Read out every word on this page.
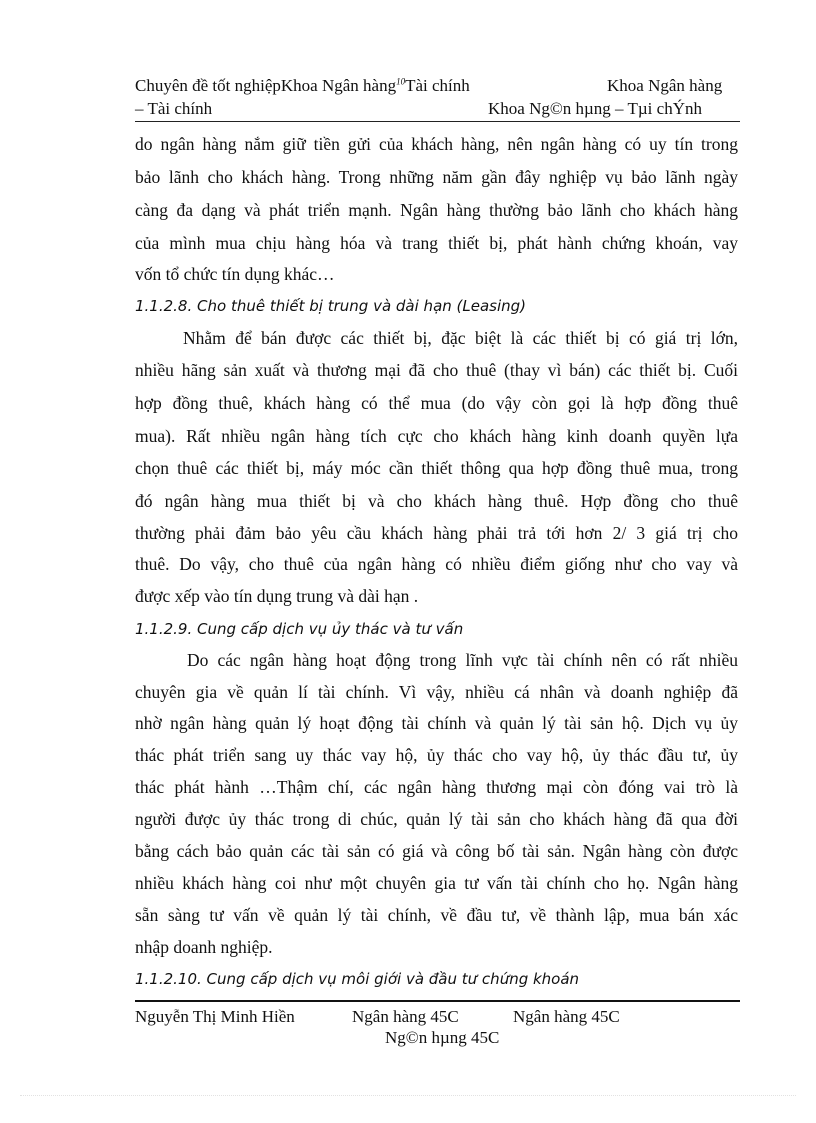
Chuyên đề tốt nghiệpKhoa Ngân hàng$^{10}$Tài chính	Khoa Ngân hàng
– Tài chính	Khoa Ng©n hµng – Tµi chÝnh
do ngân hàng nắm giữ tiền gửi của khách hàng, nên ngân hàng có uy tín trong
bảo lãnh cho khách hàng. Trong những năm gần đây nghiệp vụ bảo lãnh ngày
càng đa dạng và phát triển mạnh. Ngân hàng thường bảo lãnh cho khách hàng
của mình mua chịu hàng hóa và trang thiết bị, phát hành chứng khoán, vay
vốn tổ chức tín dụng khác…
1.1.2.8. Cho thuê thiết bị trung và dài hạn (Leasing)
Nhằm để bán được các thiết bị, đặc biệt là các thiết bị có giá trị lớn,
nhiều hãng sản xuất và thương mại đã cho thuê (thay vì bán) các thiết bị. Cuối
hợp đồng thuê, khách hàng có thể mua (do vậy còn gọi là hợp đồng thuê
mua). Rất nhiều ngân hàng tích cực cho khách hàng kinh doanh quyền lựa
chọn thuê các thiết bị, máy móc cần thiết thông qua hợp đồng thuê mua, trong
đó ngân hàng mua thiết bị và cho khách hàng thuê. Hợp đồng cho thuê
thường phải đảm bảo yêu cầu khách hàng phải trả tới hơn 2/ 3 giá trị cho
thuê. Do vậy, cho thuê của ngân hàng có nhiều điểm giống như cho vay và
được xếp vào tín dụng trung và dài hạn .
1.1.2.9. Cung cấp dịch vụ ủy thác và tư vấn
Do các ngân hàng hoạt động trong lĩnh vực tài chính nên có rất nhiều
chuyên gia về quản lí tài chính. Vì vậy, nhiều cá nhân và doanh nghiệp đã
nhờ ngân hàng quản lý hoạt động tài chính và quản lý tài sản hộ. Dịch vụ ủy
thác phát triển sang uy thác vay hộ, ủy thác cho vay hộ, ủy thác đầu tư, ủy
thác phát hành …Thậm chí, các ngân hàng thương mại còn đóng vai trò là
người được ủy thác trong di chúc, quản lý tài sản cho khách hàng đã qua đời
bằng cách bảo quản các tài sản có giá và công bố tài sản. Ngân hàng còn được
nhiều khách hàng coi như một chuyên gia tư vấn tài chính cho họ. Ngân hàng
sẵn sàng tư vấn về quản lý tài chính, về đầu tư, về thành lập, mua bán xác
nhập doanh nghiệp.
1.1.2.10. Cung cấp dịch vụ môi giới và đầu tư chứng khoán
Nguyễn Thị Minh Hiền	Ngân hàng 45C	Ngân hàng 45C
Ng©n hµng 45C
